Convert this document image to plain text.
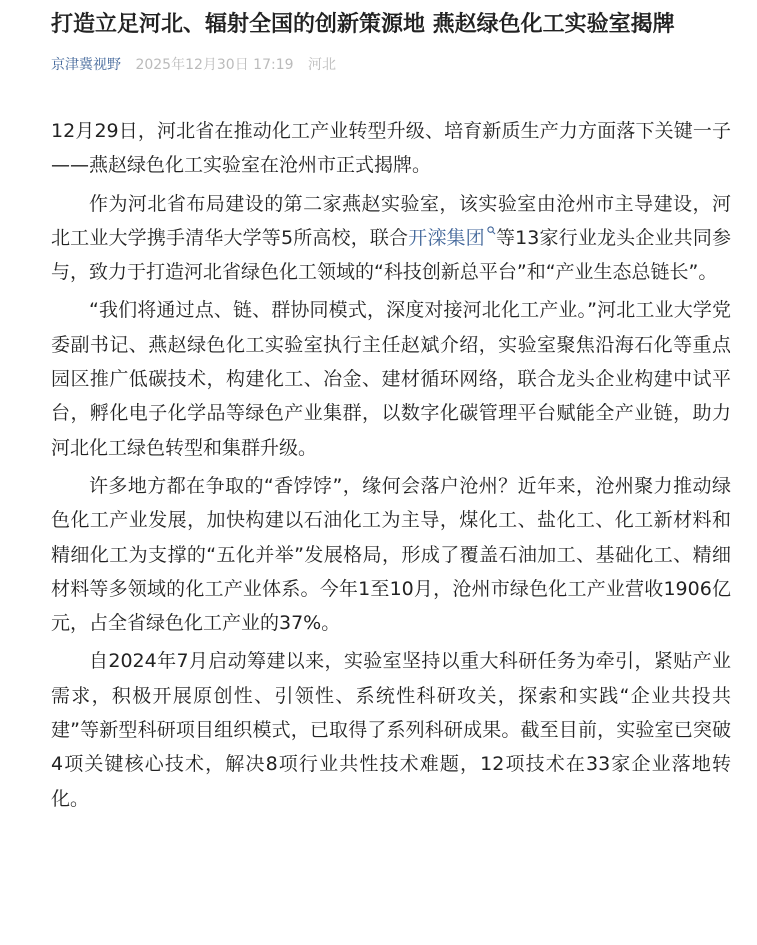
打造立足河北、辐射全国的创新策源地 燕赵绿色化工实验室揭牌
京津冀视野 2025年12月30日 17:19 河北

12月29日，河北省在推动化工产业转型升级、培育新质生产力方面落下关键一子——燕赵绿色化工实验室在沧州市正式揭牌。

作为河北省布局建设的第二家燕赵实验室，该实验室由沧州市主导建设，河北工业大学携手清华大学等5所高校，联合开滦集团 等13家行业龙头企业共同参与，致力于打造河北省绿色化工领域的“科技创新总平台”和“产业生态总链长”。

“我们将通过点、链、群协同模式，深度对接河北化工产业。”河北工业大学党委副书记、燕赵绿色化工实验室执行主任赵斌介绍，实验室聚焦沿海石化等重点园区推广低碳技术，构建化工、冶金、建材循环网络，联合龙头企业构建中试平台，孵化电子化学品等绿色产业集群，以数字化碳管理平台赋能全产业链，助力河北化工绿色转型和集群升级。

许多地方都在争取的“香饽饽”，缘何会落户沧州？近年来，沧州聚力推动绿色化工产业发展，加快构建以石油化工为主导，煤化工、盐化工、化工新材料和精细化工为支撑的“五化并举”发展格局，形成了覆盖石油加工、基础化工、精细材料等多领域的化工产业体系。今年1至10月，沧州市绿色化工产业营收1906亿元，占全省绿色化工产业的37%。

自2024年7月启动筹建以来，实验室坚持以重大科研任务为牵引，紧贴产业需求，积极开展原创性、引领性、系统性科研攻关，探索和实践“企业共投共建”等新型科研项目组织模式，已取得了系列科研成果。截至目前，实验室已突破4项关键核心技术，解决8项行业共性技术难题，12项技术在33家企业落地转化。
